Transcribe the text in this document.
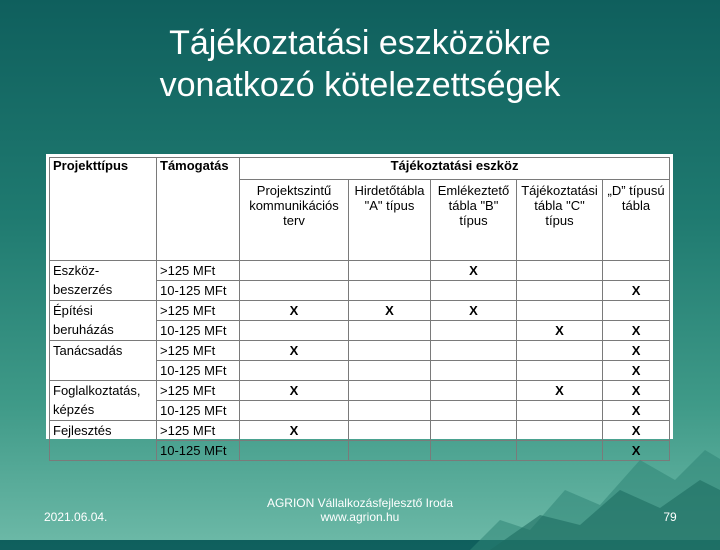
Tájékoztatási eszközökre
vonatkozó kötelezettségek
Projekttípus	Támogatás	Tájékoztatási eszköz				
		Projektszintű kommunikációs terv	Hirdetőtábla "A" típus	Emlékeztető tábla "B" típus	Tájékoztatási tábla "C" típus	„D” típusú tábla
Eszköz-beszerzés	>125 MFt			X		
	10-125 MFt					X
Építési beruházás	>125 MFt	X	X	X		
	10-125 MFt				X	X
Tanácsadás	>125 MFt	X				X
	10-125 MFt					X
Foglalkoztatás, képzés	>125 MFt	X			X	X
	10-125 MFt					X
Fejlesztés	>125 MFt	X				X
	10-125 MFt					X
2021.06.04.
AGRION Vállalkozásfejlesztő Iroda
www.agrion.hu	79
